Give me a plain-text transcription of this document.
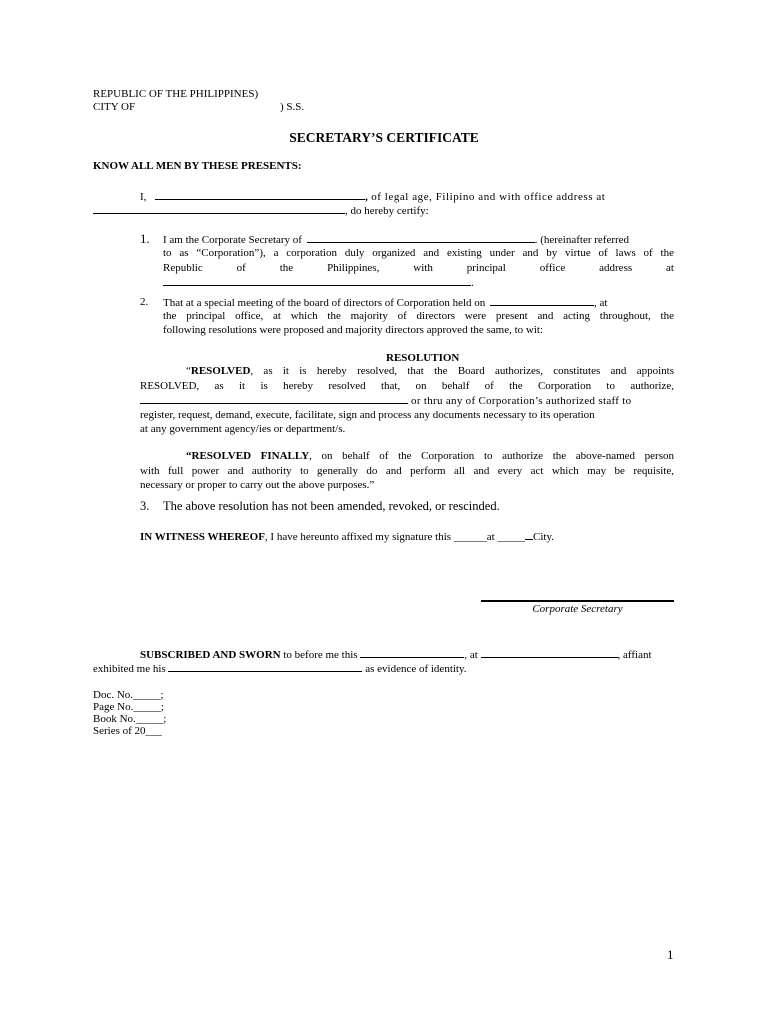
REPUBLIC OF THE PHILIPPINES)
CITY OF	) S.S.
SECRETARY’S CERTIFICATE
KNOW ALL MEN BY THESE PRESENTS:
I,	, of legal age, Filipino and with office address at
, do hereby certify:
1. I am the Corporate Secretary of	. (hereinafter referred
to as “Corporation”), a corporation duly organized and existing under and by virtue of laws of the
Republic of the Philippines, with principal office address at
.
2. That at a special meeting of the board of directors of Corporation held on	, at
the principal office, at which the majority of directors were present and acting throughout, the
following resolutions were proposed and majority directors approved the same, to wit:
RESOLUTION
“RESOLVED, as it is hereby resolved, that the Board authorizes, constitutes and appoints
RESOLVED, as it is hereby resolved that, on behalf of the Corporation to authorize,
or thru any of Corporation’s authorized staff to
register, request, demand, execute, facilitate, sign and process any documents necessary to its operation
at any government agency/ies or department/s.
“RESOLVED FINALLY, on behalf of the Corporation to authorize the above-named person
with full power and authority to generally do and perform all and every act which may be requisite,
necessary or proper to carry out the above purposes.”
3. The above resolution has not been amended, revoked, or rescinded.
IN WITNESS WHEREOF, I have hereunto affixed my signature this ______at _____ City.
Corporate Secretary
SUBSCRIBED AND SWORN to before me this	, at	, affiant
exhibited me his	as evidence of identity.
Doc. No._____;
Page No._____;
Book No._____;
Series of 20___
1
